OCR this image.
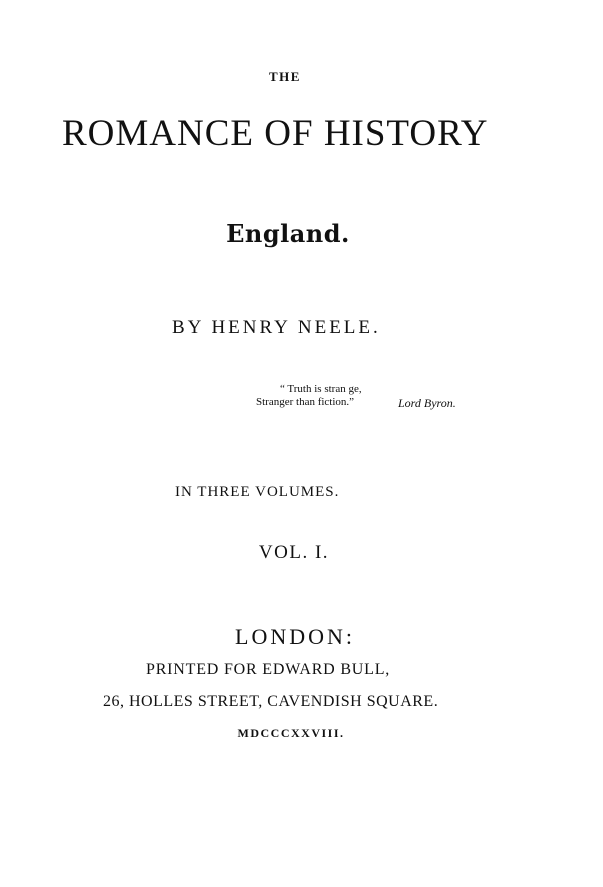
THE
ROMANCE OF HISTORY
England.
BY HENRY NEELE.
“ Truth is stran ge,
Stranger than fiction.”	Lord Byron.
IN THREE VOLUMES.
VOL. I.
LONDON:
PRINTED FOR EDWARD BULL,
26, HOLLES STREET, CAVENDISH SQUARE.
MDCCCXXVIII.
